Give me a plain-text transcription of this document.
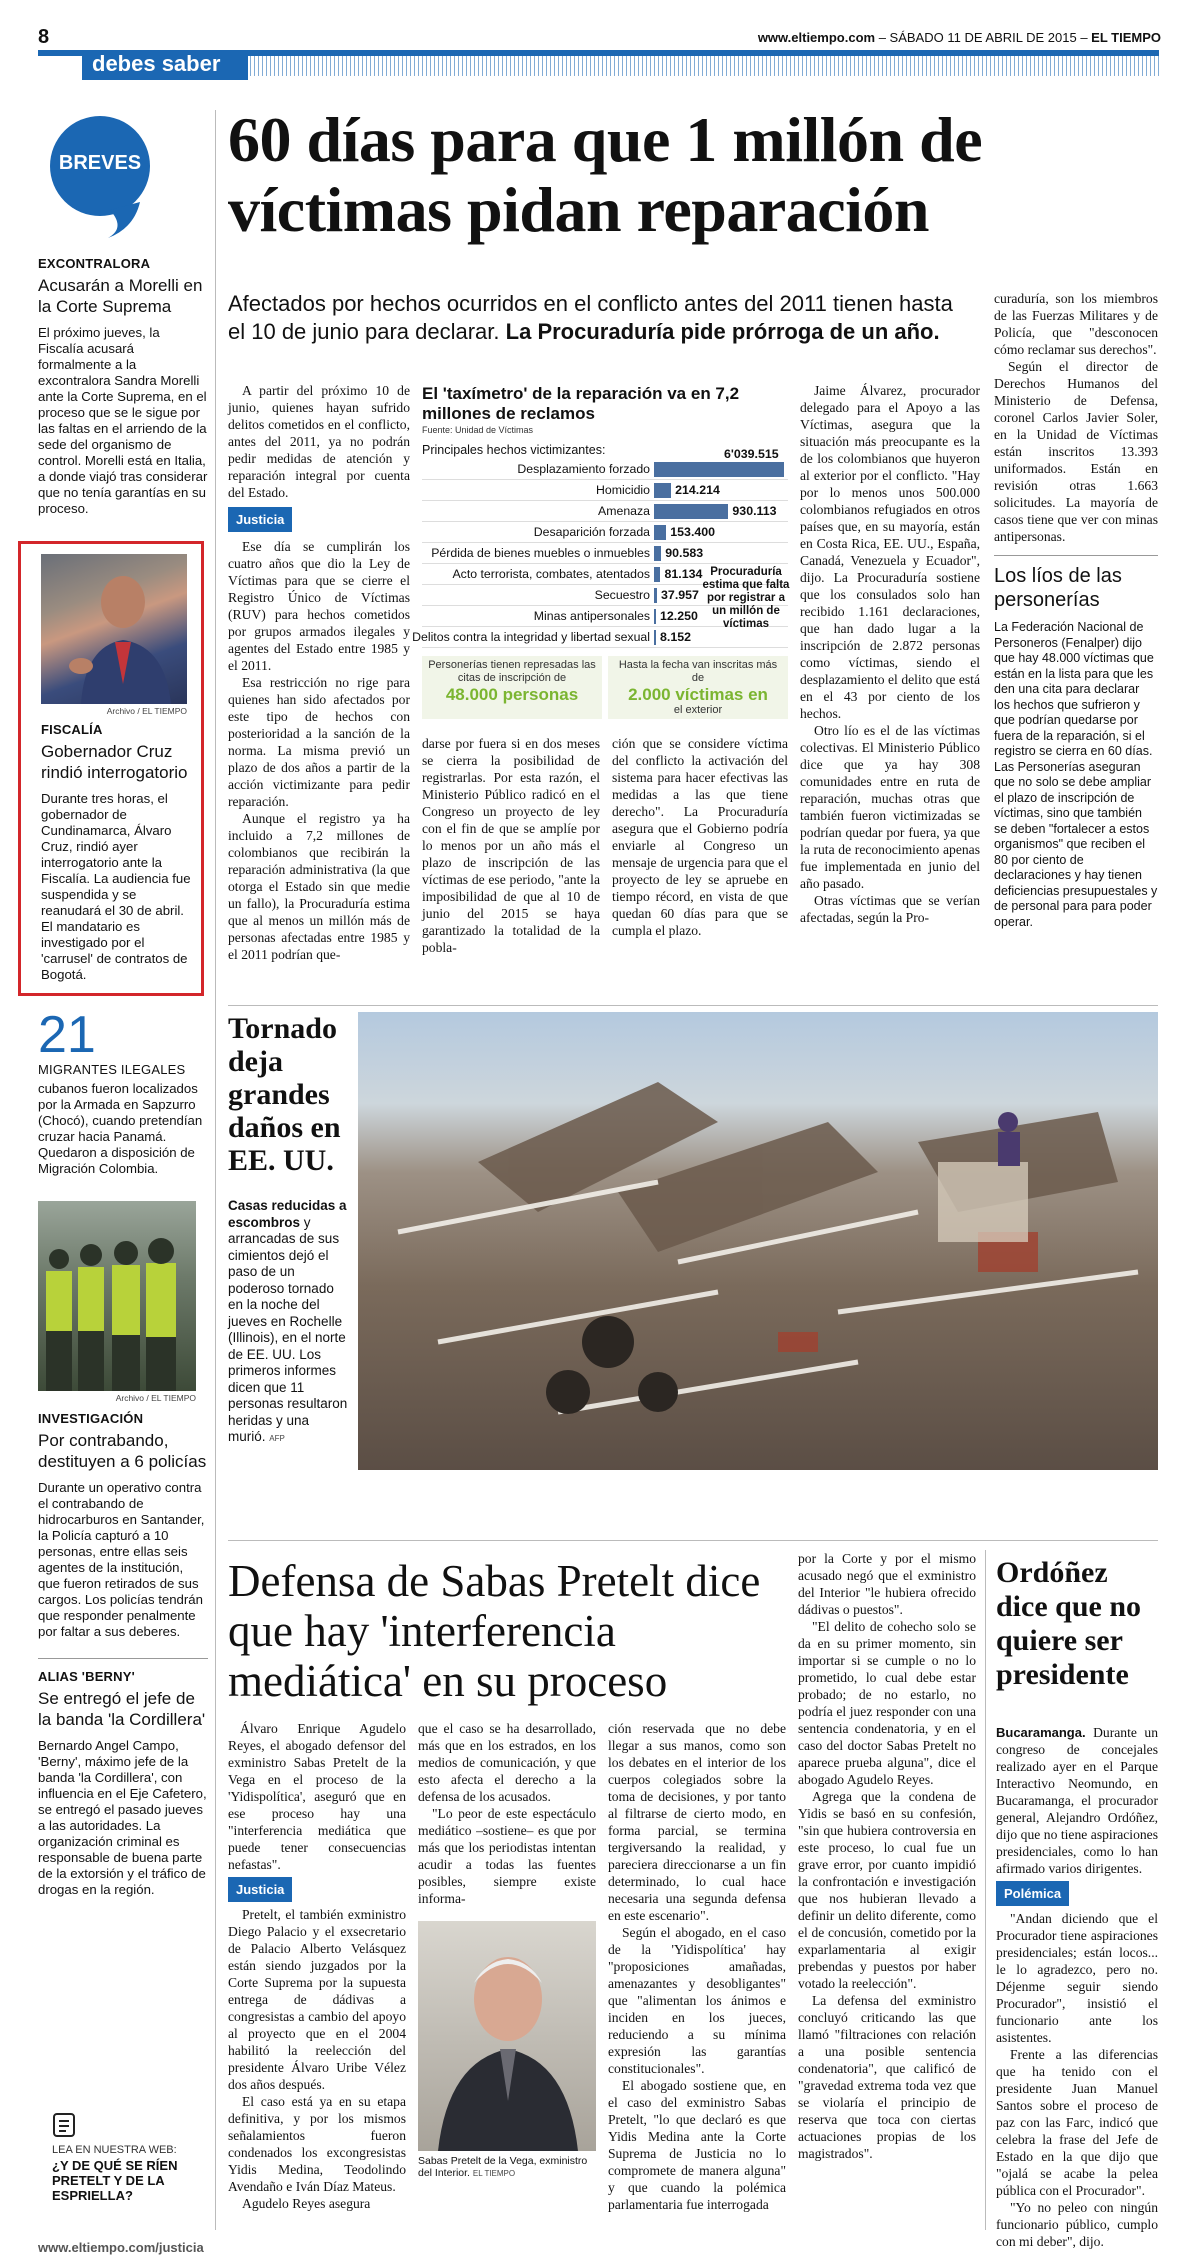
8	www.eltiempo.com – SÁBADO 11 DE ABRIL DE 2015 – EL TIEMPO
debes saber
BREVES
EXCONTRALORA
Acusarán a Morelli en la Corte Suprema
El próximo jueves, la Fiscalía acusará formalmente a la excontralora Sandra Morelli ante la Corte Suprema, en el proceso que se le sigue por las faltas en el arriendo de la sede del organismo de control. Morelli está en Italia, a donde viajó tras considerar que no tenía garantías en su proceso.
Archivo / EL TIEMPO
FISCALÍA
Gobernador Cruz rindió interrogatorio
Durante tres horas, el gobernador de Cundinamarca, Álvaro Cruz, rindió ayer interrogatorio ante la Fiscalía. La audiencia fue suspendida y se reanudará el 30 de abril. El mandatario es investigado por el 'carrusel' de contratos de Bogotá.
21
MIGRANTES ILEGALES
cubanos fueron localizados por la Armada en Sapzurro (Chocó), cuando pretendían cruzar hacia Panamá. Quedaron a disposición de Migración Colombia.
Archivo / EL TIEMPO
INVESTIGACIÓN
Por contrabando, destituyen a 6 policías
Durante un operativo contra el contrabando de hidrocarburos en Santander, la Policía capturó a 10 personas, entre ellas seis agentes de la institución, que fueron retirados de sus cargos. Los policías tendrán que responder penalmente por faltar a sus deberes.
ALIAS 'BERNY'
Se entregó el jefe de la banda 'la Cordillera'
Bernardo Angel Campo, 'Berny', máximo jefe de la banda 'la Cordillera', con influencia en el Eje Cafetero, se entregó el pasado jueves a las autoridades. La organización criminal es responsable de buena parte de la extorsión y el tráfico de drogas en la región.
LEA EN NUESTRA WEB:
¿Y DE QUÉ SE RÍEN PRETELT Y DE LA ESPRIELLA?
www.eltiempo.com/justicia
60 días para que 1 millón de víctimas pidan reparación
Afectados por hechos ocurridos en el conflicto antes del 2011 tienen hasta el 10 de junio para declarar. La Procuraduría pide prórroga de un año.

A partir del próximo 10 de junio, quienes hayan sufrido delitos cometidos en el conflicto, antes del 2011, ya no podrán pedir medidas de atención y reparación integral por cuenta del Estado.

Justicia

Ese día se cumplirán los cuatro años que dio la Ley de Víctimas para que se cierre el Registro Único de Víctimas (RUV) para hechos cometidos por grupos armados ilegales y agentes del Estado entre 1985 y el 2011.

Esa restricción no rige para quienes han sido afectados por este tipo de hechos con posterioridad a la sanción de la norma. La misma previó un plazo de dos años a partir de la acción victimizante para pedir reparación.

Aunque el registro ya ha incluido a 7,2 millones de colombianos que recibirán la reparación administrativa (la que otorga el Estado sin que medie un fallo), la Procuraduría estima que al menos un millón más de personas afectadas entre 1985 y el 2011 podrían que-

El 'taxímetro' de la reparación va en 7,2 millones de reclamos
Fuente: Unidad de Víctimas
Principales hechos victimizantes:
Desplazamiento forzado
6'039.515
Homicidio 214.214
Amenaza	930.113
Desaparición forzada 153.400
Pérdida de bienes muebles o inmuebles 90.583
Acto terrorista, combates, atentados 81.134
Secuestro 37.957
Minas antipersonales 12.250
Delitos contra la integridad y libertad sexual 8.152
Procuraduría estima que falta por registrar a un millón de víctimas
Personerías tienen represadas las citas de inscripción de
48.000 personas
Hasta la fecha van inscritas más de
2.000 víctimas en
el exterior

darse por fuera si en dos meses se cierra la posibilidad de registrarlas. Por esta razón, el Ministerio Público radicó en el Congreso un proyecto de ley con el fin de que se amplíe por lo menos por un año más el plazo de inscripción de las víctimas de ese periodo, "ante la imposibilidad de que al 10 de junio del 2015 se haya garantizado la totalidad de la pobla-

ción que se considere víctima del conflicto la activación del sistema para hacer efectivas las medidas a las que tiene derecho". La Procuraduría asegura que el Gobierno podría enviarle al Congreso un mensaje de urgencia para que el proyecto de ley se apruebe en tiempo récord, en vista de que quedan 60 días para que se cumpla el plazo.

Jaime Álvarez, procurador delegado para el Apoyo a las Víctimas, asegura que la situación más preocupante es la de los colombianos que huyeron al exterior por el conflicto. "Hay por lo menos unos 500.000 colombianos refugiados en otros países que, en su mayoría, están en Costa Rica, EE. UU., España, Canadá, Venezuela y Ecuador", dijo. La Procuraduría sostiene que los consulados solo han recibido 1.161 declaraciones, que han dado lugar a la inscripción de 2.872 personas como víctimas, siendo el desplazamiento el delito que está en el 43 por ciento de los hechos.

Otro lío es el de las víctimas colectivas. El Ministerio Público dice que ya hay 308 comunidades entre en ruta de reparación, muchas otras que también fueron victimizadas se podrían quedar por fuera, ya que la ruta de reconocimiento apenas fue implementada en junio del año pasado.

Otras víctimas que se verían afectadas, según la Pro-

curaduría, son los miembros de las Fuerzas Militares y de Policía, que "desconocen cómo reclamar sus derechos".

Según el director de Derechos Humanos del Ministerio de Defensa, coronel Carlos Javier Soler, en la Unidad de Víctimas están inscritos 13.393 uniformados. Están en revisión otras 1.663 solicitudes. La mayoría de casos tiene que ver con minas antipersonas.

Los líos de las personerías
La Federación Nacional de Personeros (Fenalper) dijo que hay 48.000 víctimas que están en la lista para que les den una cita para declarar los hechos que sufrieron y que podrían quedarse por fuera de la reparación, si el registro se cierra en 60 días. Las Personerías aseguran que no solo se debe ampliar el plazo de inscripción de víctimas, sino que también se deben "fortalecer a estos organismos" que reciben el 80 por ciento de declaraciones y hay tienen deficiencias presupuestales y de personal para para poder operar.
Tornado deja grandes daños en EE. UU.
Casas reducidas a escombros y arrancadas de sus cimientos dejó el paso de un poderoso tornado en la noche del jueves en Rochelle (Illinois), en el norte de EE. UU. Los primeros informes dicen que 11 personas resultaron heridas y una murió. AFP
Defensa de Sabas Pretelt dice que hay 'interferencia mediática' en su proceso

Álvaro Enrique Agudelo Reyes, el abogado defensor del exministro Sabas Pretelt de la Vega en el proceso de la 'Yidispolítica', aseguró que en ese proceso hay una "interferencia mediática que puede tener consecuencias nefastas".

Justicia

Pretelt, el también exministro Diego Palacio y el exsecretario de Palacio Alberto Velásquez están siendo juzgados por la Corte Suprema por la supuesta entrega de dádivas a congresistas a cambio del apoyo al proyecto que en el 2004 habilitó la reelección del presidente Álvaro Uribe Vélez dos años después.

El caso está ya en su etapa definitiva, y por los mismos señalamientos fueron condenados los excongresistas Yidis Medina, Teodolindo Avendaño e Iván Díaz Mateus.

Agudelo Reyes asegura

que el caso se ha desarrollado, más que en los estrados, en los medios de comunicación, y que esto afecta el derecho a la defensa de los acusados.

"Lo peor de este espectáculo mediático –sostiene– es que por más que los periodistas intentan acudir a todas las fuentes posibles, siempre existe informa-

Sabas Pretelt de la Vega, exministro del Interior. EL TIEMPO

ción reservada que no debe llegar a sus manos, como son los debates en el interior de los cuerpos colegiados sobre la toma de decisiones, y por tanto al filtrarse de cierto modo, en forma parcial, se termina tergiversando la realidad, y pareciera direccionarse a un fin determinado, lo cual hace necesaria una segunda defensa en este escenario".

Según el abogado, en el caso de la 'Yidispolítica' hay "proposiciones amañadas, amenazantes y desobligantes" que "alimentan los ánimos e inciden en los jueces, reduciendo a su mínima expresión las garantías constitucionales".

El abogado sostiene que, en el caso del exministro Sabas Pretelt, "lo que declaró es que Yidis Medina ante la Corte Suprema de Justicia no lo compromete de manera alguna" y que cuando la polémica parlamentaria fue interrogada

por la Corte y por el mismo acusado negó que el exministro del Interior "le hubiera ofrecido dádivas o puestos".

"El delito de cohecho solo se da en su primer momento, sin importar si se cumple o no lo prometido, lo cual debe estar probado; de no estarlo, no podría el juez responder con una sentencia condenatoria, y en el caso del doctor Sabas Pretelt no aparece prueba alguna", dice el abogado Agudelo Reyes.

Agrega que la condena de Yidis se basó en su confesión, "sin que hubiera controversia en este proceso, lo cual fue un grave error, por cuanto impidió la confrontación e investigación que nos hubieran llevado a definir un delito diferente, como el de concusión, cometido por la exparlamentaria al exigir prebendas y puestos por haber votado la reelección".

La defensa del exministro concluyó criticando las que llamó "filtraciones con relación a una posible sentencia condenatoria", que calificó de "gravedad extrema toda vez que se violaría el principio de reserva que toca con ciertas actuaciones propias de los magistrados".

Ordóñez dice que no quiere ser presidente

Bucaramanga. Durante un congreso de concejales realizado ayer en el Parque Interactivo Neomundo, en Bucaramanga, el procurador general, Alejandro Ordóñez, dijo que no tiene aspiraciones presidenciales, como lo han afirmado varios dirigentes.

Polémica

"Andan diciendo que el Procurador tiene aspiraciones presidenciales; están locos... le lo agradezco, pero no. Déjenme seguir siendo Procurador", insistió el funcionario ante los asistentes.

Frente a las diferencias que ha tenido con el presidente Juan Manuel Santos sobre el proceso de paz con las Farc, indicó que celebra la frase del Jefe de Estado en la que dijo que "ojalá se acabe la pelea pública con el Procurador".

"Yo no peleo con ningún funcionario público, cumplo con mi deber", dijo.
